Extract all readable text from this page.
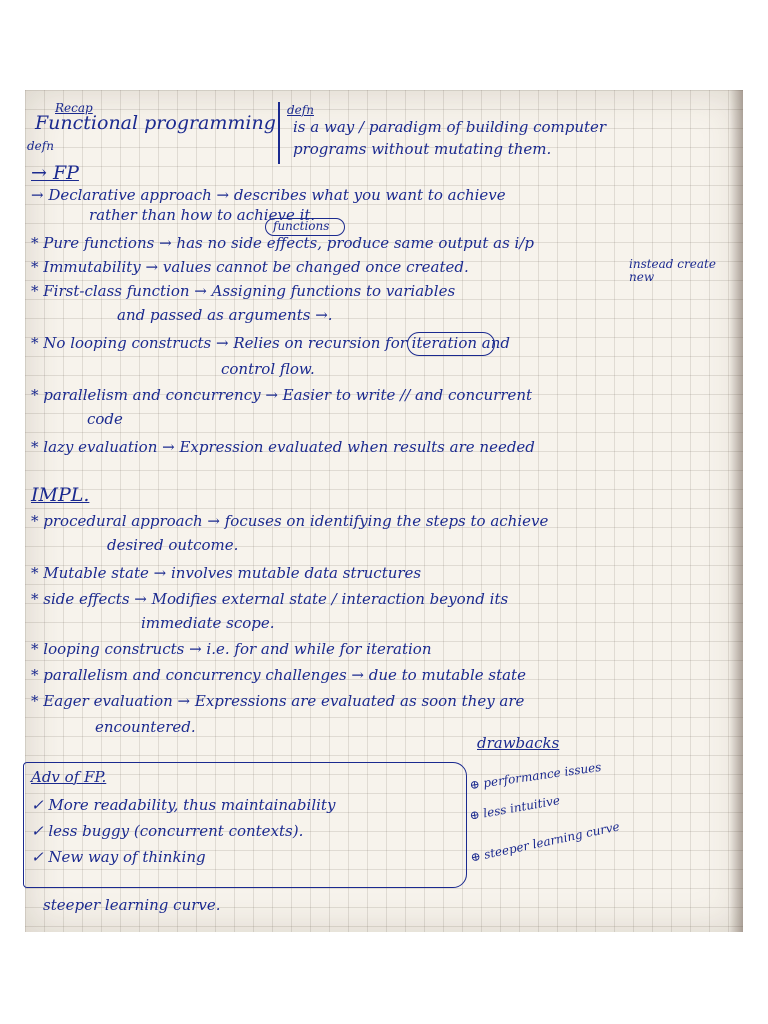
Recap
Functional programming
defn
defn
is a way / paradigm of building computer
programs without mutating them.
→ FP
→ Declarative approach → describes what you want to achieve
rather than how to achieve it.
functions
* Pure functions → has no side effects, produce same output as i/p
* Immutability → values cannot be changed once created.	instead create new
* First-class function → Assigning functions to variables
and passed as arguments →.
* No looping constructs → Relies on recursion for iteration and
control flow.
* parallelism and concurrency → Easier to write // and concurrent
code
* lazy evaluation → Expression evaluated when results are needed
IMPL.
* procedural approach → focuses on identifying the steps to achieve
desired outcome.
* Mutable state → involves mutable data structures
* side effects → Modifies external state / interaction beyond its
immediate scope.
* looping constructs → i.e. for and while for iteration
* parallelism and concurrency challenges → due to mutable state
* Eager evaluation → Expressions are evaluated as soon they are
encountered.
drawbacks
⊕ performance issues
⊕ less intuitive
⊕ steeper learning curve
Adv of FP.
✓ More readability, thus maintainability
✓ less buggy (concurrent contexts).
✓ New way of thinking
steeper learning curve.
